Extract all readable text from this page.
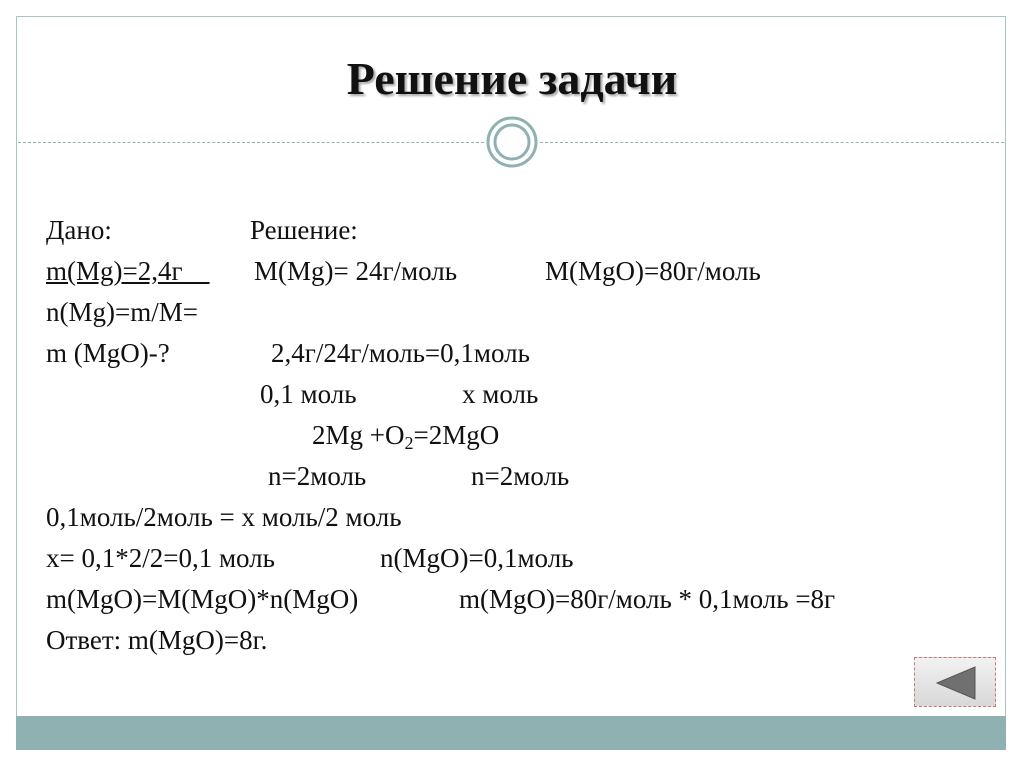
Решение задачи
Дано:	Решение:
m(Mg)=2,4г	M(Mg)= 24г/моль	M(MgO)=80г/моль
n(Mg)=m/M=
m (MgO)-?	2,4г/24г/моль=0,1моль
0,1 моль	x моль
$2Mg +O_2=2MgO$
n=2моль	n=2моль
0,1моль/2моль = x моль/2 моль
x= 0,1*2/2=0,1 моль	n(MgO)=0,1моль
m(MgO)=M(MgO)*n(MgO)	m(MgO)=80г/моль * 0,1моль =8г
Ответ: m(MgO)=8г.
